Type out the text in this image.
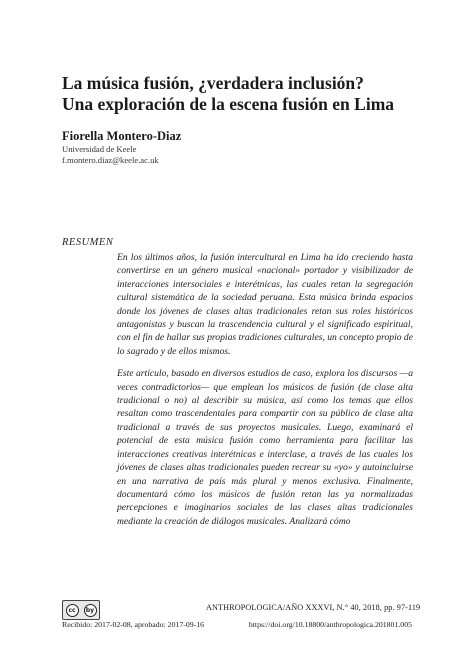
La música fusión, ¿verdadera inclusión?
Una exploración de la escena fusión en Lima
Fiorella Montero-Diaz
Universidad de Keele
f.montero.diaz@keele.ac.uk
RESUMEN

En los últimos años, la fusión intercultural en Lima ha ido creciendo hasta convertirse en un género musical «nacional» portador y visibilizador de interacciones intersociales e interétnicas, las cuales retan la segregación cultural sistemática de la sociedad peruana. Esta música brinda espacios donde los jóvenes de clases altas tradicionales retan sus roles históricos antagonistas y buscan la trascendencia cultural y el significado espiritual, con el fin de hallar sus propias tradiciones culturales, un concepto propio de lo sagrado y de ellos mismos.

Este artículo, basado en diversos estudios de caso, explora los discursos —a veces contradictorios— que emplean los músicos de fusión (de clase alta tradicional o no) al describir su música, así como los temas que ellos resaltan como trascendentales para compartir con su público de clase alta tradicional a través de sus proyectos musicales. Luego, examinará el potencial de esta música fusión como herramienta para facilitar las interacciones creativas interétnicas e interclase, a través de las cuales los jóvenes de clases altas tradicionales pueden recrear su «yo» y autoincluirse en una narrativa de país más plural y menos exclusiva. Finalmente, documentará cómo los músicos de fusión retan las ya normalizadas percepciones e imaginarios sociales de las clases altas tradicionales mediante la creación de diálogos musicales. Analizará cómo

cc	by	ANTHROPOLOGICA/AÑO XXXVI, N.° 40, 2018, pp. 97-119
Recibido: 2017-02-08, aprobado: 2017-09-16	https://doi.org/10.18800/anthropologica.201801.005
